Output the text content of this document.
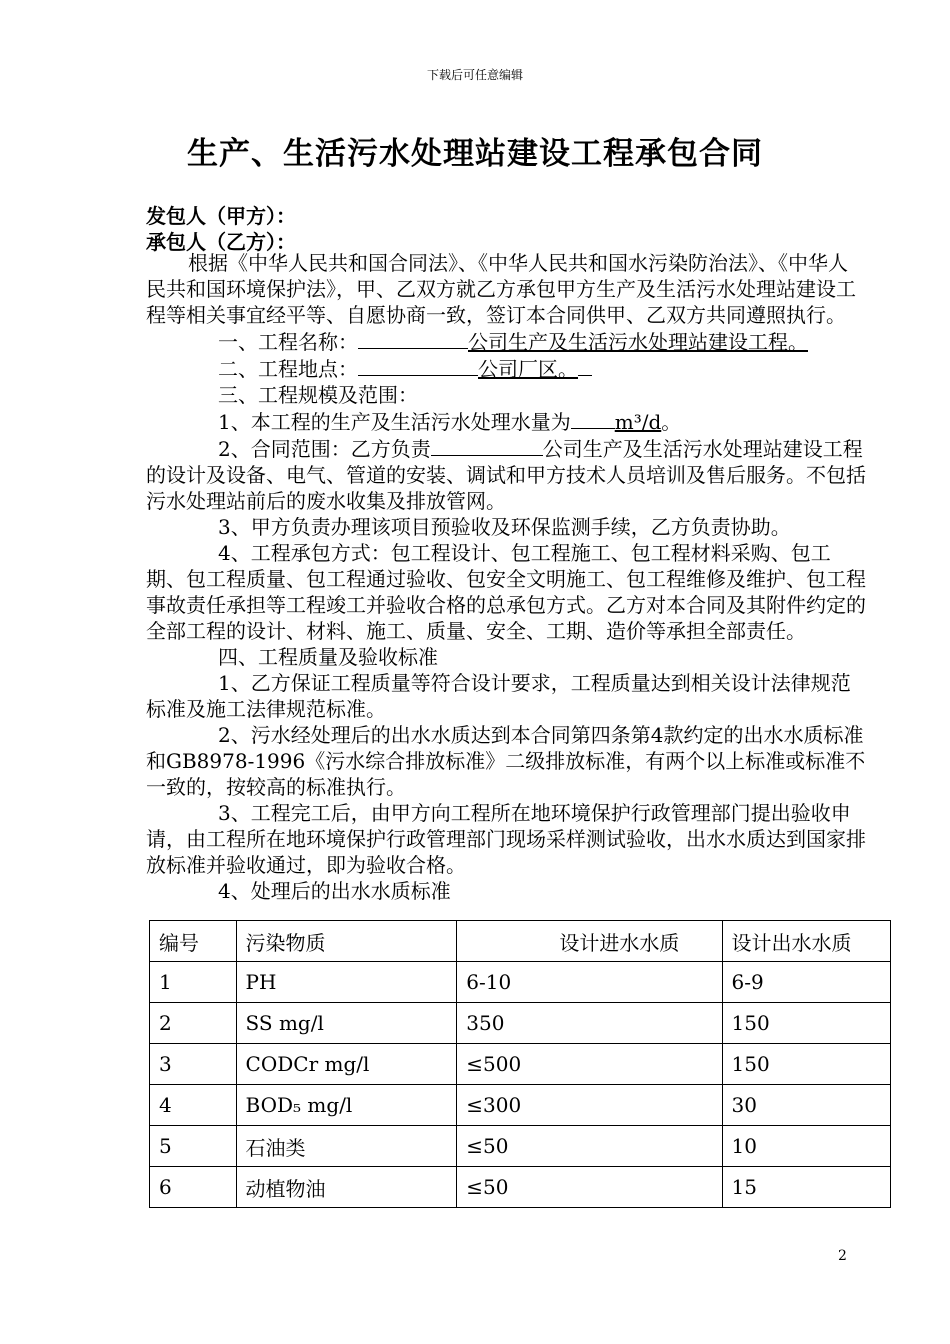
下载后可任意编辑
生产、生活污水处理站建设工程承包合同
发包人（甲方）：
承包人（乙方）：

根据《中华人民共和国合同法》、《中华人民共和国水污染防治法》、《中华人民共和国环境保护法》，甲、乙双方就乙方承包甲方生产及生活污水处理站建设工程等相关事宜经平等、自愿协商一致，签订本合同供甲、乙双方共同遵照执行。

一、工程名称：	公司生产及生活污水处理站建设工程。

二、工程地点：	公司厂区。

三、工程规模及范围：

1、本工程的生产及生活污水处理水量为 m³/d。

2、合同范围：乙方负责	公司生产及生活污水处理站建设工程的设计及设备、电气、管道的安装、调试和甲方技术人员培训及售后服务。不包括污水处理站前后的废水收集及排放管网。

3、甲方负责办理该项目预验收及环保监测手续，乙方负责协助。

4、工程承包方式：包工程设计、包工程施工、包工程材料采购、包工期、包工程质量、包工程通过验收、包安全文明施工、包工程维修及维护、包工程事故责任承担等工程竣工并验收合格的总承包方式。乙方对本合同及其附件约定的全部工程的设计、材料、施工、质量、安全、工期、造价等承担全部责任。

四、工程质量及验收标准

1、乙方保证工程质量等符合设计要求，工程质量达到相关设计法律规范标准及施工法律规范标准。

2、污水经处理后的出水水质达到本合同第四条第4款约定的出水水质标准和GB8978-1996《污水综合排放标准》二级排放标准，有两个以上标准或标准不一致的，按较高的标准执行。

3、工程完工后，由甲方向工程所在地环境保护行政管理部门提出验收申请，由工程所在地环境保护行政管理部门现场采样测试验收，出水水质达到国家排放标准并验收通过，即为验收合格。

4、处理后的出水水质标准

编号	污染物质	设计进水水质	设计出水水质
1	PH	6-10	6-9
2	SS mg/l	350	150
3	CODCr mg/l	≤500	150
4	BOD₅ mg/l	≤300	30
5	石油类	≤50	10
6	动植物油	≤50	15
2
